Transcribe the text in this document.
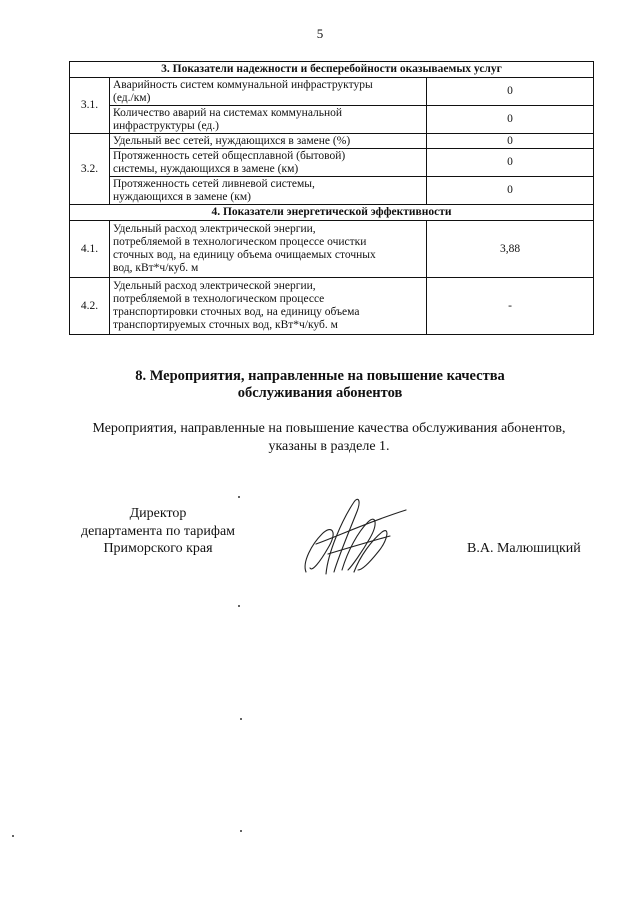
5
3. Показатели надежности и бесперебойности оказываемых услуг		
3.1.	Аварийность систем коммунальной инфраструктуры
(ед./км)	0

	Количество аварий на системах коммунальной
инфраструктуры (ед.)	0
3.2.	Удельный вес сетей, нуждающихся в замене (%)	0

	Протяженность сетей общесплавной (бытовой)
системы, нуждающихся в замене (км)	0

	Протяженность сетей ливневой системы,
нуждающихся в замене (км)	0
4. Показатели энергетической эффективности		
4.1.	Удельный расход электрической энергии,
потребляемой в технологическом процессе очистки
сточных вод, на единицу объема очищаемых сточных
вод, кВт*ч/куб. м	3,88
4.2.	Удельный расход электрической энергии,
потребляемой в технологическом процессе
транспортировки сточных вод, на единицу объема
транспортируемых сточных вод, кВт*ч/куб. м	-
8. Мероприятия, направленные на повышение качества
обслуживания абонентов
Мероприятия, направленные на повышение качества обслуживания абонентов,
указаны в разделе 1.
Директор
департамента по тарифам
Приморского края	В.А. Малюшицкий
